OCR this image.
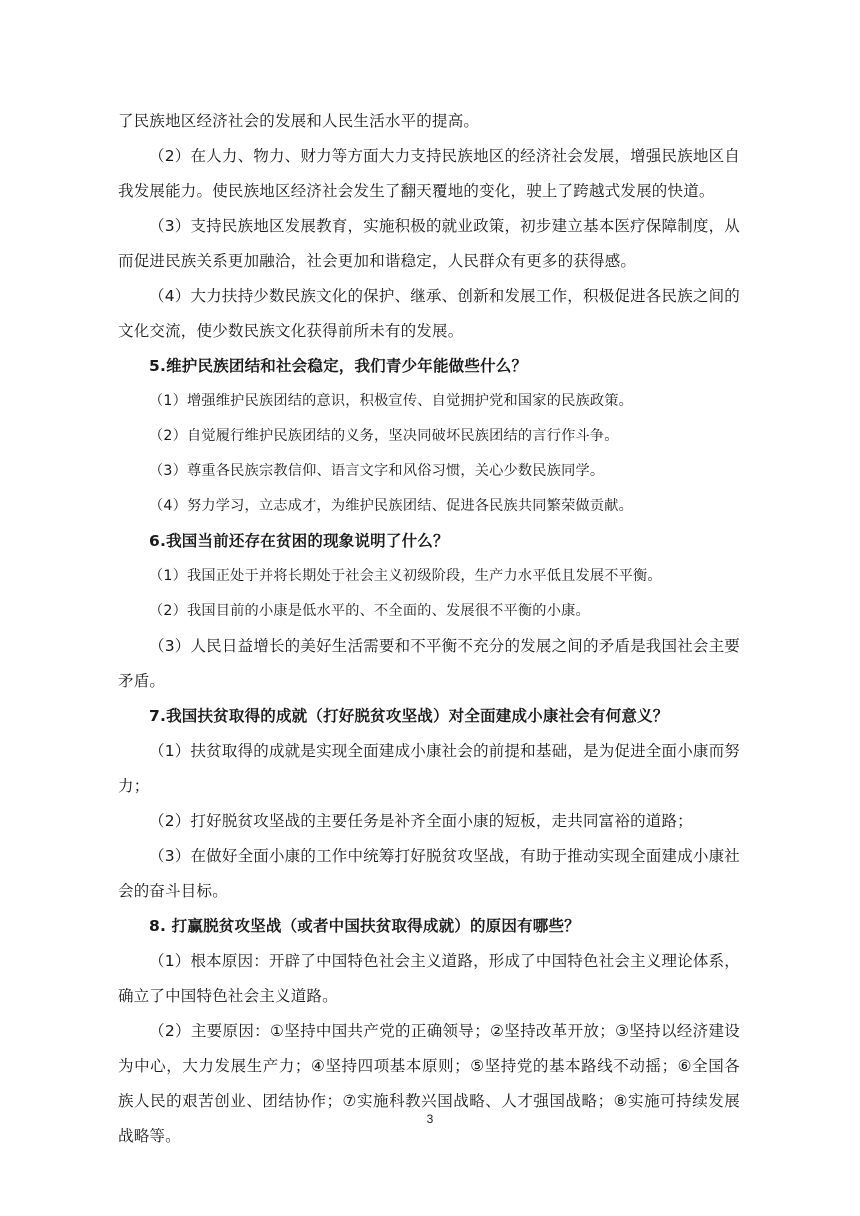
了民族地区经济社会的发展和人民生活水平的提高。

（2）在人力、物力、财力等方面大力支持民族地区的经济社会发展，增强民族地区自我发展能力。使民族地区经济社会发生了翻天覆地的变化，驶上了跨越式发展的快道。

（3）支持民族地区发展教育，实施积极的就业政策，初步建立基本医疗保障制度，从而促进民族关系更加融洽，社会更加和谐稳定，人民群众有更多的获得感。

（4）大力扶持少数民族文化的保护、继承、创新和发展工作，积极促进各民族之间的文化交流，使少数民族文化获得前所未有的发展。

5.维护民族团结和社会稳定，我们青少年能做些什么？

（1）增强维护民族团结的意识，积极宣传、自觉拥护党和国家的民族政策。

（2）自觉履行维护民族团结的义务，坚决同破坏民族团结的言行作斗争。

（3）尊重各民族宗教信仰、语言文字和风俗习惯，关心少数民族同学。

（4）努力学习，立志成才，为维护民族团结、促进各民族共同繁荣做贡献。

6.我国当前还存在贫困的现象说明了什么？

（1）我国正处于并将长期处于社会主义初级阶段，生产力水平低且发展不平衡。

（2）我国目前的小康是低水平的、不全面的、发展很不平衡的小康。

（3）人民日益增长的美好生活需要和不平衡不充分的发展之间的矛盾是我国社会主要矛盾。

7.我国扶贫取得的成就（打好脱贫攻坚战）对全面建成小康社会有何意义？

（1）扶贫取得的成就是实现全面建成小康社会的前提和基础，是为促进全面小康而努力；

（2）打好脱贫攻坚战的主要任务是补齐全面小康的短板，走共同富裕的道路；

（3）在做好全面小康的工作中统筹打好脱贫攻坚战，有助于推动实现全面建成小康社会的奋斗目标。

8. 打赢脱贫攻坚战（或者中国扶贫取得成就）的原因有哪些？

（1）根本原因：开辟了中国特色社会主义道路，形成了中国特色社会主义理论体系，确立了中国特色社会主义道路。

（2）主要原因：①坚持中国共产党的正确领导；②坚持改革开放；③坚持以经济建设为中心，大力发展生产力；④坚持四项基本原则；⑤坚持党的基本路线不动摇；⑥全国各族人民的艰苦创业、团结协作；⑦实施科教兴国战略、人才强国战略；⑧实施可持续发展战略等。

3
